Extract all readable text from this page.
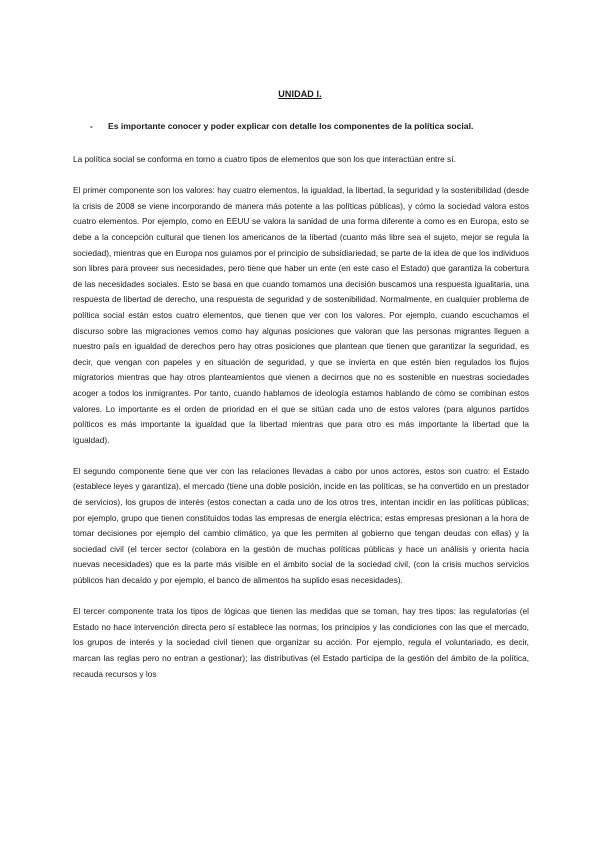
UNIDAD I.
- Es importante conocer y poder explicar con detalle los componentes de la política social.

La política social se conforma en torno a cuatro tipos de elementos que son los que interactúan entre sí.

El primer componente son los valores: hay cuatro elementos, la igualdad, la libertad, la seguridad y la sostenibilidad (desde la crisis de 2008 se viene incorporando de manera más potente a las políticas públicas), y cómo la sociedad valora estos cuatro elementos. Por ejemplo, como en EEUU se valora la sanidad de una forma diferente a como es en Europa, esto se debe a la concepción cultural que tienen los americanos de la libertad (cuanto más libre sea el sujeto, mejor se regula la sociedad), mientras que en Europa nos guiamos por el principio de subsidiariedad, se parte de la idea de que los individuos son libres para proveer sus necesidades, pero tiene que haber un ente (en este caso el Estado) que garantiza la cobertura de las necesidades sociales. Esto se basa en que cuando tomamos una decisión buscamos una respuesta igualitaria, una respuesta de libertad de derecho, una respuesta de seguridad y de sostenibilidad. Normalmente, en cualquier problema de política social están estos cuatro elementos, que tienen que ver con los valores. Por ejemplo, cuando escuchamos el discurso sobre las migraciones vemos como hay algunas posiciones que valoran que las personas migrantes lleguen a nuestro país en igualdad de derechos pero hay otras posiciones que plantean que tienen que garantizar la seguridad, es decir, que vengan con papeles y en situación de seguridad, y que se invierta en que estén bien regulados los flujos migratorios mientras que hay otros planteamientos que vienen a decirnos que no es sostenible en nuestras sociedades acoger a todos los inmigrantes. Por tanto, cuando hablamos de ideología estamos hablando de cómo se combinan estos valores. Lo importante es el orden de prioridad en el que se sitúan cada uno de estos valores (para algunos partidos políticos es más importante la igualdad que la libertad mientras que para otro es más importante la libertad que la igualdad).

El segundo componente tiene que ver con las relaciones llevadas a cabo por unos actores, estos son cuatro: el Estado (establece leyes y garantiza), el mercado (tiene una doble posición, incide en las políticas, se ha convertido en un prestador de servicios), los grupos de interés (estos conectan a cada uno de los otros tres, intentan incidir en las políticas públicas; por ejemplo, grupo que tienen constituidos todas las empresas de energía eléctrica; estas empresas presionan a la hora de tomar decisiones por ejemplo del cambio climático, ya que les permiten al gobierno que tengan deudas con ellas) y la sociedad civil (el tercer sector (colabora en la gestión de muchas políticas públicas y hace un análisis y orienta hacia nuevas necesidades) que es la parte más visible en el ámbito social de la sociedad civil, (con la crisis muchos servicios públicos han decaído y por ejemplo, el banco de alimentos ha suplido esas necesidades).

El tercer componente trata los tipos de lógicas que tienen las medidas que se toman, hay tres tipos: las regulatorias (el Estado no hace intervención directa pero sí establece las normas, los principios y las condiciones con las que el mercado, los grupos de interés y la sociedad civil tienen que organizar su acción. Por ejemplo, regula el voluntariado, es decir, marcan las reglas pero no entran a gestionar); las distributivas (el Estado participa de la gestión del ámbito de la política, recauda recursos y los
